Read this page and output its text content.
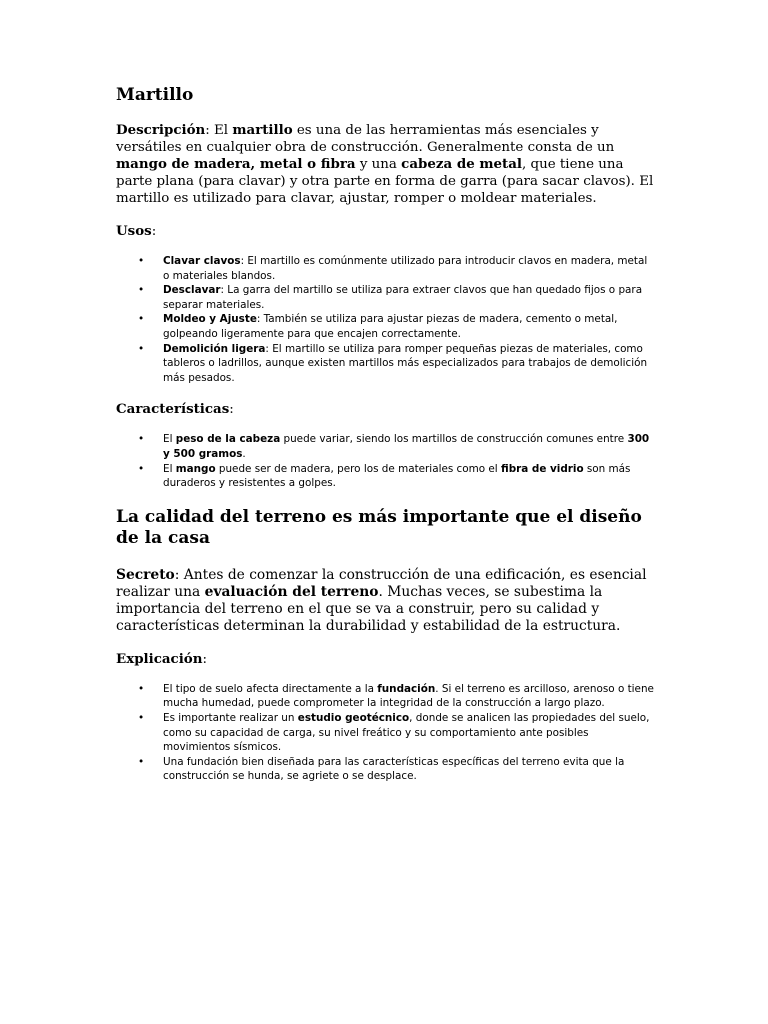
Martillo

Descripción: El martillo es una de las herramientas más esenciales y versátiles en cualquier obra de construcción. Generalmente consta de un mango de madera, metal o fibra y una cabeza de metal, que tiene una parte plana (para clavar) y otra parte en forma de garra (para sacar clavos). El martillo es utilizado para clavar, ajustar, romper o moldear materiales.

Usos:

• Clavar clavos: El martillo es comúnmente utilizado para introducir clavos en madera, metal o materiales blandos.
• Desclavar: La garra del martillo se utiliza para extraer clavos que han quedado fijos o para separar materiales.
• Moldeo y Ajuste: También se utiliza para ajustar piezas de madera, cemento o metal, golpeando ligeramente para que encajen correctamente.
• Demolición ligera: El martillo se utiliza para romper pequeñas piezas de materiales, como tableros o ladrillos, aunque existen martillos más especializados para trabajos de demolición más pesados.

Características:

• El peso de la cabeza puede variar, siendo los martillos de construcción comunes entre 300 y 500 gramos.
• El mango puede ser de madera, pero los de materiales como el fibra de vidrio son más duraderos y resistentes a golpes.
La calidad del terreno es más importante que el diseño de la casa

Secreto: Antes de comenzar la construcción de una edificación, es esencial realizar una evaluación del terreno. Muchas veces, se subestima la importancia del terreno en el que se va a construir, pero su calidad y características determinan la durabilidad y estabilidad de la estructura.

Explicación:

• El tipo de suelo afecta directamente a la fundación. Si el terreno es arcilloso, arenoso o tiene mucha humedad, puede comprometer la integridad de la construcción a largo plazo.
• Es importante realizar un estudio geotécnico, donde se analicen las propiedades del suelo, como su capacidad de carga, su nivel freático y su comportamiento ante posibles movimientos sísmicos.
• Una fundación bien diseñada para las características específicas del terreno evita que la construcción se hunda, se agriete o se desplace.
